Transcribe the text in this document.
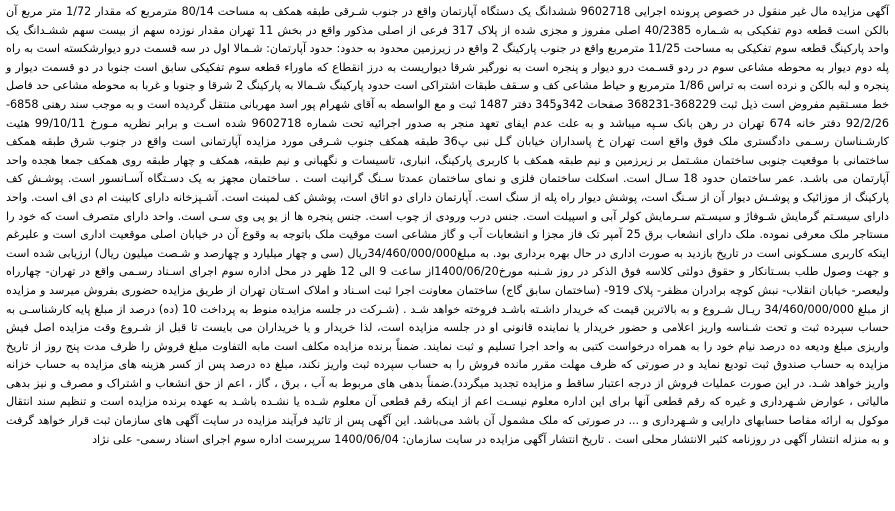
آگهی مزایده مال غیر منقول در خصوص پرونده اجرایی 9602718 ششدانگ یک دستگاه آپارتمان واقع در جنوب شـرقی طبقه همکف به مساحت 80/14 مترمربع که مقدار 1/72 متر مربع آن بالکن است قطعه دوم تفکیکی به شـماره 40/2385 اصلی مفروز و مجزی شده از پلاک 317 فرعی از اصلی مذکور واقع در بخش 11 تهران مقدار نوزده سهم از بیست سهم ششـدانگ یک واحد پارکینگ قطعه سوم تفکیکی به مساحت 11/25 مترمربع واقع در جنوب پارکینگ 2 واقع در زیرزمین محدود به حدود: حدود آپارتمان: شـمالا اول در سه قسمت درو دیوارشکسته است به راه پله دوم دیوار به محوطه مشاعی سوم در ردو قسـمت درو دیوار و پنجره است به نورگیر شرقا دیواریست به درز انقطاع که ماوراء قطعه سوم تفکیکی سابق است جنوبا در دو قسمت دیوار و پنجره و لبه بالکن و نرده است به تراس 1/86 مترمربع و حیاط مشاعی کف و سـقف طبقات اشتراکی است حدود پارکینگ شـمالا به پارکینگ 2 شرقا و جنوبا و غربا به محوطه مشاعی حد فاصل خط مسـتقیم مفروض است ذیل ثبت 368229-368231 صفحات 342و345 دفتر 1487 ثبت و مع الواسطه به آقای شهرام پور اسد مهربانی منتقل گردیده است و به موجب سند رهنی 6858-92/2/26 دفتر خانه 674 تهران در رهن بانک سـپه میباشد و به علت عدم ایفای تعهد منجر به صدور اجرائیه تحت شماره 9602718 شده اسـت و برابر نظریه مـورخ 99/10/11 هئیت کارشـناسان رسـمی دادگستری ملک فوق واقع است تهران خ پاسداران خیابان گـل نبی پ36 طبقه همکف جنوب شـرقی مورد مزایده آپارتمانی است واقع در جنوب شرق طبقه همکف ساختمانی با موقعیت جنوبی ساختمان مشـتمل بر زیرزمین و نیم طبقه همکف با کاربری پارکینگ، انباری، تاسیسات و نگهبانی و نیم طبقه، همکف و چهار طبقه روی همکف جمعا هجده واحد آپارتمان می باشـد. عمر ساختمان حدود 18 سـال است. اسکلت ساختمان فلزی و نمای ساختمان عمدتا سـنگ گرانیت است . ساختمان مجهز به یک دسـتگاه آسـانسور است. پوشـش کف پارکینگ از موزائیک و پوشـش دیوار آن از سـنگ است، پوشش دیوار راه پله از سنگ است. آپارتمان دارای دو اتاق است، پوشش کف لمینت است. آشـپزخانه دارای کابینت ام دی اف است. واحد دارای سیسـتم گرمایش شـوفاژ و سیسـتم سـرمایش کولر آبی و اسپیلت است. جنس درب ورودی از چوب است. جنس پنجره ها از یو پی وی سـی است. واحد دارای متصرف است که خود را مستاجر ملک معرفی نموده. ملک دارای انشعاب برق 25 آمپر تک فاز مجزا و انشعابات آب و گاز مشاعی است موقیت ملک باتوجه به وقوع آن در خیابان اصلی موقعیت اداری است و علیرغم اینکه کاربری مسـکونی است در تاریخ بازدید به صورت اداری در حال بهره برداری بود. به مبلغ34/460/000/000ریال (سی و چهار میلیارد و چهارصد و شـصت میلیون ریال) ارزیابی شده است و جهت وصول طلب بسـتانکار و حقوق دولتی کلاسه فوق الذکر در روز شـنبه مورخ1400/06/20از ساعت 9 الی 12 ظهر در محل اداره سوم اجرای اسـناد رسـمی واقع در تهران- چهارراه ولیعصر- خیابان انقلاب- نبش کوچه برادران مظفر- پلاک 919- (ساختمان سابق گاج) ساختمان معاونت اجرا ثبت اسـناد و املاک اسـتان تهران از طریق مزایده حضوری بفروش میرسد و مزایده از مبلغ 34/460/000/000 ریـال شـروع و به بالاترین قیمت که خریدار داشـته باشـد فروخته خواهد شـد . (شـرکت در جلسه مزایده منوط به پرداخت 10 (ده) درصد از مبلغ پایه کارشناسـی به حساب سپرده ثبت و تحت شـناسه واریز اعلامی و حضور خریدار یا نماینده قانونی او در جلسه مزایده است، لذا خریدار و یا خریداران می بایست تا قبل از شـروع وقت مزایده اصل فیش واریزی مبلغ ودیعه ده درصد نیام خود را به همراه درخواست کتبی به واحد اجرا تسلیم و ثبت نمایند. ضمناً برنده مزایده مکلف است مابه التفاوت مبلغ فروش را ظرف مدت پنج روز از تاریخ مزایده به حساب صندوق ثبت تودیع نماید و در صورتی که ظرف مهلت مقرر مانده فروش را به حساب سپرده ثبت واریز نکند، مبلغ ده درصد پس از کسر هزینه های مزایده به حساب خزانه واریز خواهد شـد. در این صورت عملیات فروش از درجه اعتبار ساقط و مزایده تجدید میگردد).ضمناً بدهی های مربوط به آب ، برق ، گاز ، اعم از حق انشعاب و اشتراک و مصرف و نیز بدهی مالیاتی ، عوارض شـهرداری و غیره که رقم قطعی آنها برای این اداره معلوم نیسـت اعم از اینکه رقم قطعی آن معلوم شـده یا نشـده باشـد به عهده برنده مزایده است و تنظیم سند انتقال موکول به ارائه مفاصا حسابهای دارایی و شـهرداری و ... در صورتی که ملک مشمول آن باشد می‌باشد. این آگهی پس از تائید فرآیند مزایده در سایت آگهی های سازمان ثبت قرار خواهد گرفت و به منزله انتشار آگهی در روزنامه کثیر الانتشار محلی است . تاریخ انتشار آگهی مزایده در سایت سازمان: 1400/06/04 سرپرست اداره سوم اجرای اسناد رسمی- علی نژاد
